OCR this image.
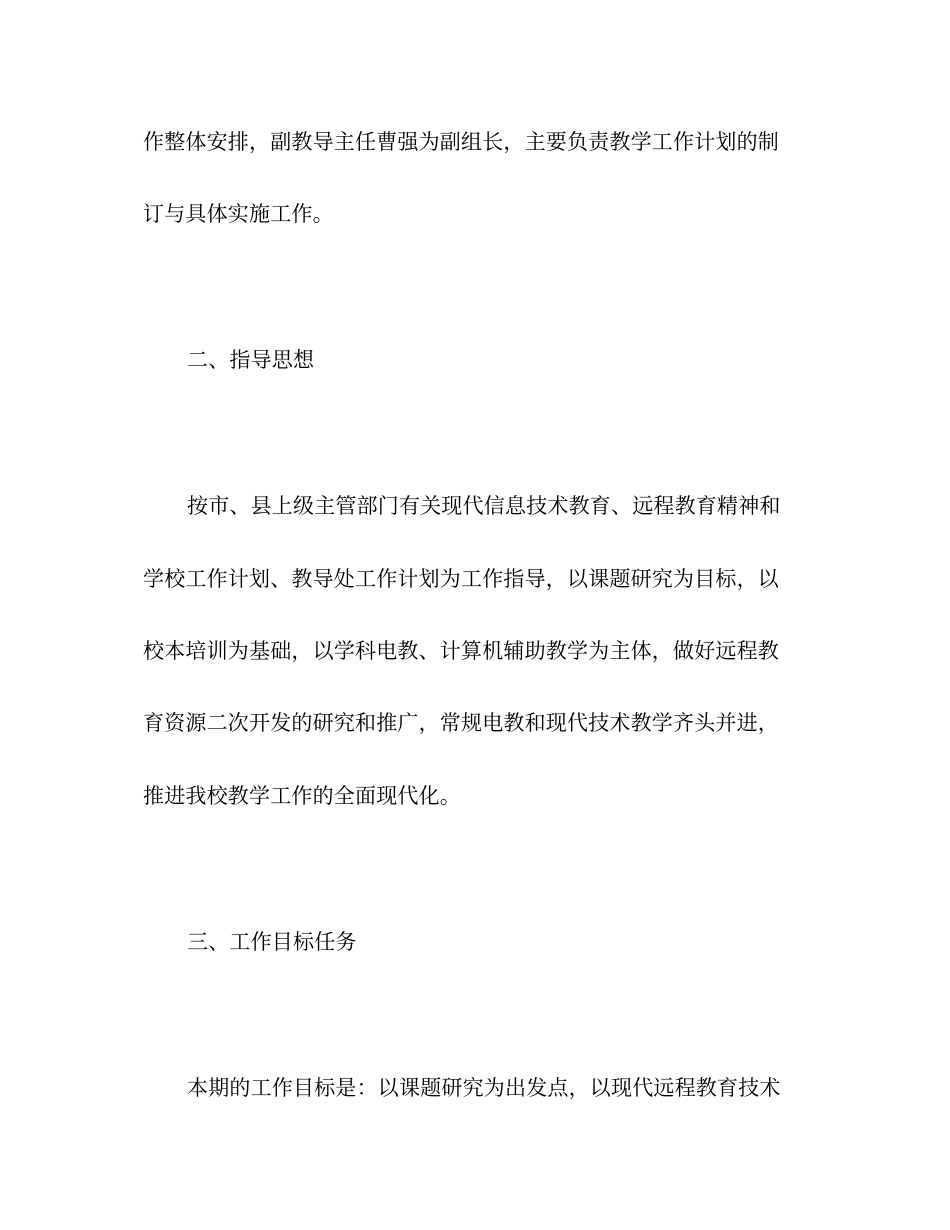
作整体安排，副教导主任曹强为副组长，主要负责教学工作计划的制
订与具体实施工作。
二、指导思想
按市、县上级主管部门有关现代信息技术教育、远程教育精神和
学校工作计划、教导处工作计划为工作指导，以课题研究为目标，以
校本培训为基础，以学科电教、计算机辅助教学为主体，做好远程教
育资源二次开发的研究和推广，常规电教和现代技术教学齐头并进，
推进我校教学工作的全面现代化。
三、工作目标任务
本期的工作目标是：以课题研究为出发点，以现代远程教育技术
